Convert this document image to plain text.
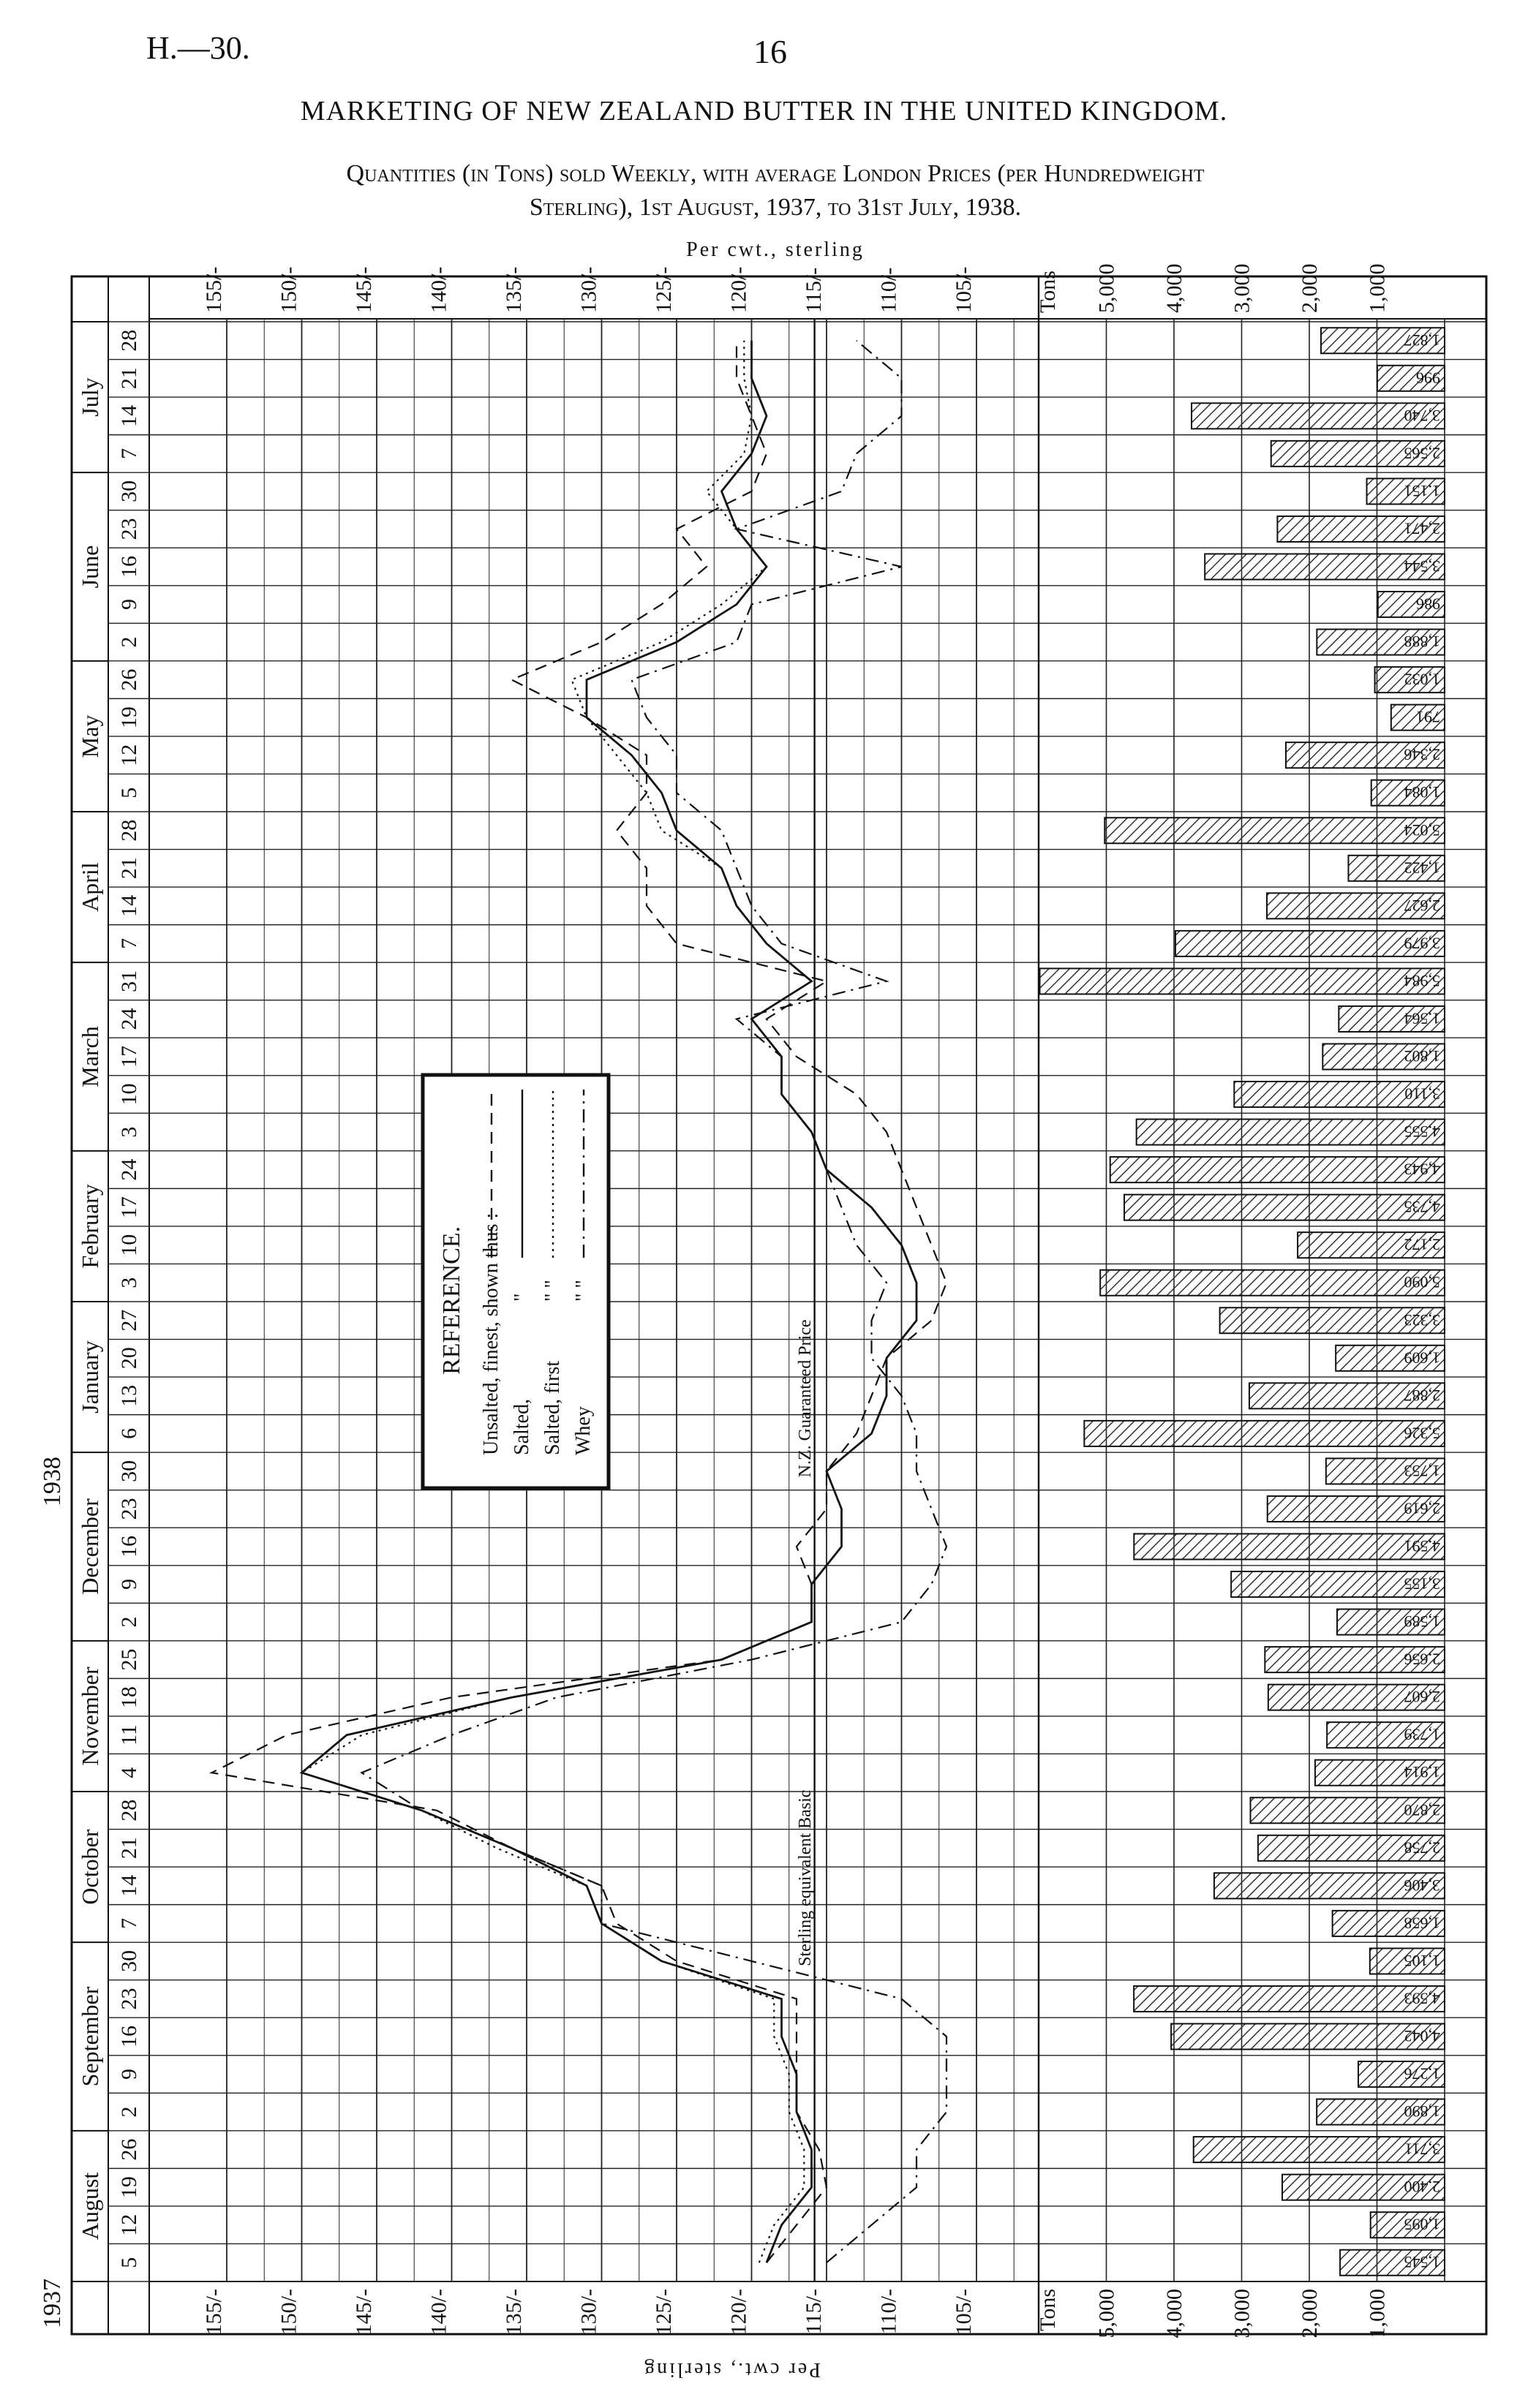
H.—30.	16
MARKETING OF NEW ZEALAND BUTTER IN THE UNITED KINGDOM.
Quantities (in Tons) sold Weekly, with average London Prices (per Hundredweight
Sterling), 1st August, 1937, to 31st July, 1938.
1,545
1,095
2,400
3,711
1,890
1,276
4,042
4,593
1,105
1,658
3,406
2,758
2,870
1,914
1,739
2,607
2,656
1,589
3,155
4,591
2,619
1,753
5,326
2,887
1,609
3,323
5,090
2,172
4,735
4,943
4,555
3,110
1,802
1,564
5,984
3,979
2,627
1,422
5,024
1,084
2,346
791
1,032
1,888
986
3,544
2,471
1,151
2,565
3,740
996
1,827
155/- 150/- 145/- 140/- 135/- 130/- 125/- 120/- 115/- 110/- 105/-
155/- 150/- 145/- 140/- 135/- 130/- 125/- 120/- 115/- 110/- 105/-
5,000
5,000
4,000
4,000
3,000
3,000
2,000
2,000
1,000
1,000
Tons
Tons
Per cwt., sterling
Per cwt., sterling
5
12
19
26
2
9
16
23
30
7
14
21
28
4
11
18
25
2
9
16
23
30
6
13
20
27
3
10
17
24
3
10
17
24
31
7
14
21
28
5
12
19
26
2
9
16
23
30
7
14
21
28
August
September
October
November
December
January
February
March
April
May
June
July
1937
1938
N.Z. Guaranteed Price
Sterling equivalent Basic
REFERENCE. Unsalted, finest, shown thus : Salted,
"
Salted, first
" "
Whey
" "
